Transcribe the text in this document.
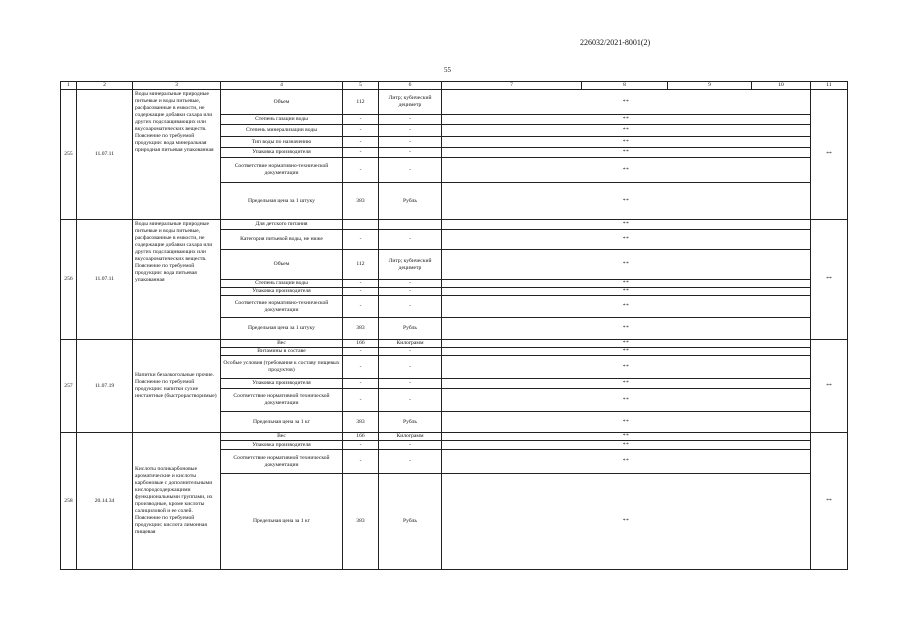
226032/2021-8001(2)
55
1	2	3	4	5	6	7	8	9	10	11
255	11.07.11	Воды минеральные природные питьевые и воды питьевые, расфасованные в емкости, не содержащие добавки сахара или других подслащивающих или вкусоароматических веществ. Пояснение по требуемой продукции: вода минеральная природная питьевая упакованная	Объем	112	Литр; кубический дециметр	**				**
			Степень газации воды	-	-	**				
			Степень минерализации воды	-	-	**				
			Тип воды по назначению	-	-	**				
			Упаковка производителя	-	-	**				
			Соответствие нормативно-технической документации	-	-	**				
			Предельная цена за 1 штуку	383	Рубль	**				
256	11.07.11	Воды минеральные природные питьевые и воды питьевые, расфасованные в емкости, не содержащие добавки сахара или других подслащивающих или вкусоароматических веществ. Пояснение по требуемой продукции: вода питьевая упакованная	Для детского питания			**				**
			Категория питьевой воды, не ниже	-	-	**				
			Объем	112	Литр; кубический дециметр	**				
			Степень газации воды	-	-	**				
			Упаковка производителя	-	-	**				
			Соответствие нормативно-технической документации	-	-	**				
			Предельная цена за 1 штуку	383	Рубль	**				
257	11.07.19	Напитки безалкогольные прочие. Пояснение по требуемой продукции: напитки сухие инстантные (быстрорастворимые)	Вес	166	Килограмм	**				**
			Витамины в составе	-	-	**				
			Особые условия (требования к составу пищевых продуктов)	-	-	**				
			Упаковка производителя	-	-	**				
			Соответствие нормативной технической документации	-	-	**				
			Предельная цена за 1 кг	383	Рубль	**				
258	20.14.34	Кислоты поликарбоновые ароматические и кислоты карбоновые с дополнительными кислородсодержащими функциональными группами, их производные, кроме кислоты салициловой и ее солей. Пояснение по требуемой продукции: кислота лимонная пищевая	Вес	166	Килограмм	**				**
			Упаковка производителя	-	-	**				
			Соответствие нормативной технической документации	-	-	**				
			Предельная цена за 1 кг	383	Рубль	**				
